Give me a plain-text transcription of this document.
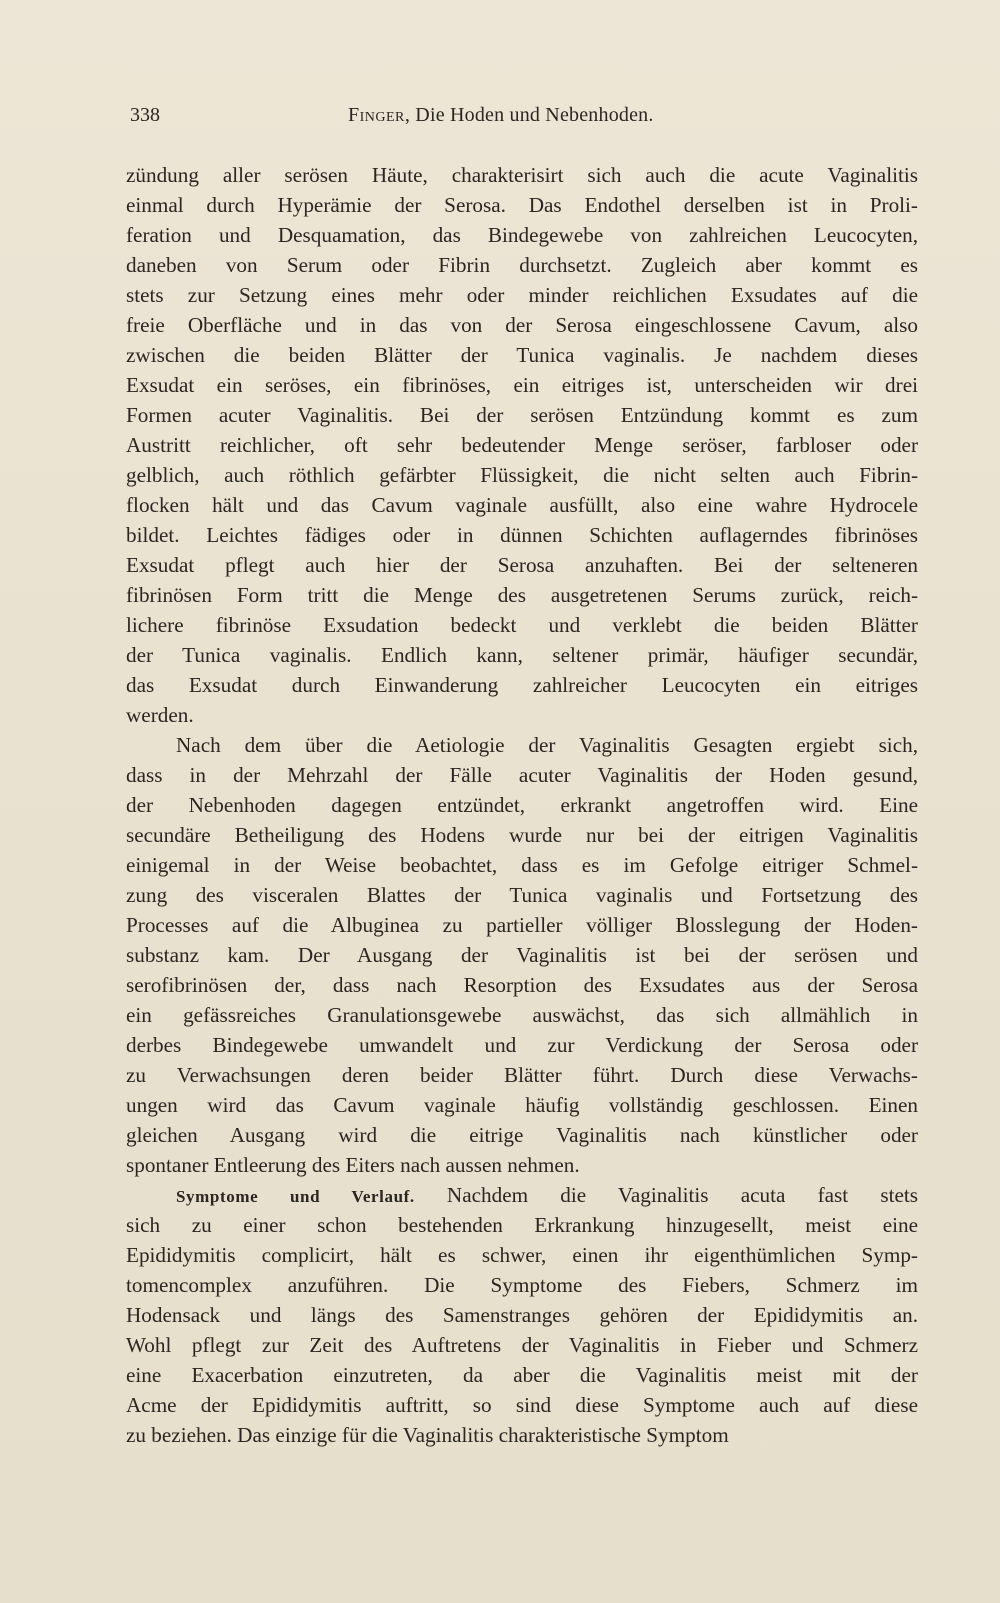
338	Finger, Die Hoden und Nebenhoden.
zündung aller serösen Häute, charakterisirt sich auch die acute Vaginalitis
einmal durch Hyperämie der Serosa. Das Endothel derselben ist in Proli-
feration und Desquamation, das Bindegewebe von zahlreichen Leucocyten,
daneben von Serum oder Fibrin durchsetzt. Zugleich aber kommt es
stets zur Setzung eines mehr oder minder reichlichen Exsudates auf die
freie Oberfläche und in das von der Serosa eingeschlossene Cavum, also
zwischen die beiden Blätter der Tunica vaginalis. Je nachdem dieses
Exsudat ein seröses, ein fibrinöses, ein eitriges ist, unterscheiden wir drei
Formen acuter Vaginalitis. Bei der serösen Entzündung kommt es zum
Austritt reichlicher, oft sehr bedeutender Menge seröser, farbloser oder
gelblich, auch röthlich gefärbter Flüssigkeit, die nicht selten auch Fibrin-
flocken hält und das Cavum vaginale ausfüllt, also eine wahre Hydrocele
bildet. Leichtes fädiges oder in dünnen Schichten auflagerndes fibrinöses
Exsudat pflegt auch hier der Serosa anzuhaften. Bei der selteneren
fibrinösen Form tritt die Menge des ausgetretenen Serums zurück, reich-
lichere fibrinöse Exsudation bedeckt und verklebt die beiden Blätter
der Tunica vaginalis. Endlich kann, seltener primär, häufiger secundär,
das Exsudat durch Einwanderung zahlreicher Leucocyten ein eitriges
werden.
Nach dem über die Aetiologie der Vaginalitis Gesagten ergiebt sich,
dass in der Mehrzahl der Fälle acuter Vaginalitis der Hoden gesund,
der Nebenhoden dagegen entzündet, erkrankt angetroffen wird. Eine
secundäre Betheiligung des Hodens wurde nur bei der eitrigen Vaginalitis
einigemal in der Weise beobachtet, dass es im Gefolge eitriger Schmel-
zung des visceralen Blattes der Tunica vaginalis und Fortsetzung des
Processes auf die Albuginea zu partieller völliger Blosslegung der Hoden-
substanz kam. Der Ausgang der Vaginalitis ist bei der serösen und
serofibrinösen der, dass nach Resorption des Exsudates aus der Serosa
ein gefässreiches Granulationsgewebe auswächst, das sich allmählich in
derbes Bindegewebe umwandelt und zur Verdickung der Serosa oder
zu Verwachsungen deren beider Blätter führt. Durch diese Verwachs-
ungen wird das Cavum vaginale häufig vollständig geschlossen. Einen
gleichen Ausgang wird die eitrige Vaginalitis nach künstlicher oder
spontaner Entleerung des Eiters nach aussen nehmen.
Symptome und Verlauf. Nachdem die Vaginalitis acuta fast stets
sich zu einer schon bestehenden Erkrankung hinzugesellt, meist eine
Epididymitis complicirt, hält es schwer, einen ihr eigenthümlichen Symp-
tomencomplex anzuführen. Die Symptome des Fiebers, Schmerz im
Hodensack und längs des Samenstranges gehören der Epididymitis an.
Wohl pflegt zur Zeit des Auftretens der Vaginalitis in Fieber und Schmerz
eine Exacerbation einzutreten, da aber die Vaginalitis meist mit der
Acme der Epididymitis auftritt, so sind diese Symptome auch auf diese
zu beziehen. Das einzige für die Vaginalitis charakteristische Symptom
